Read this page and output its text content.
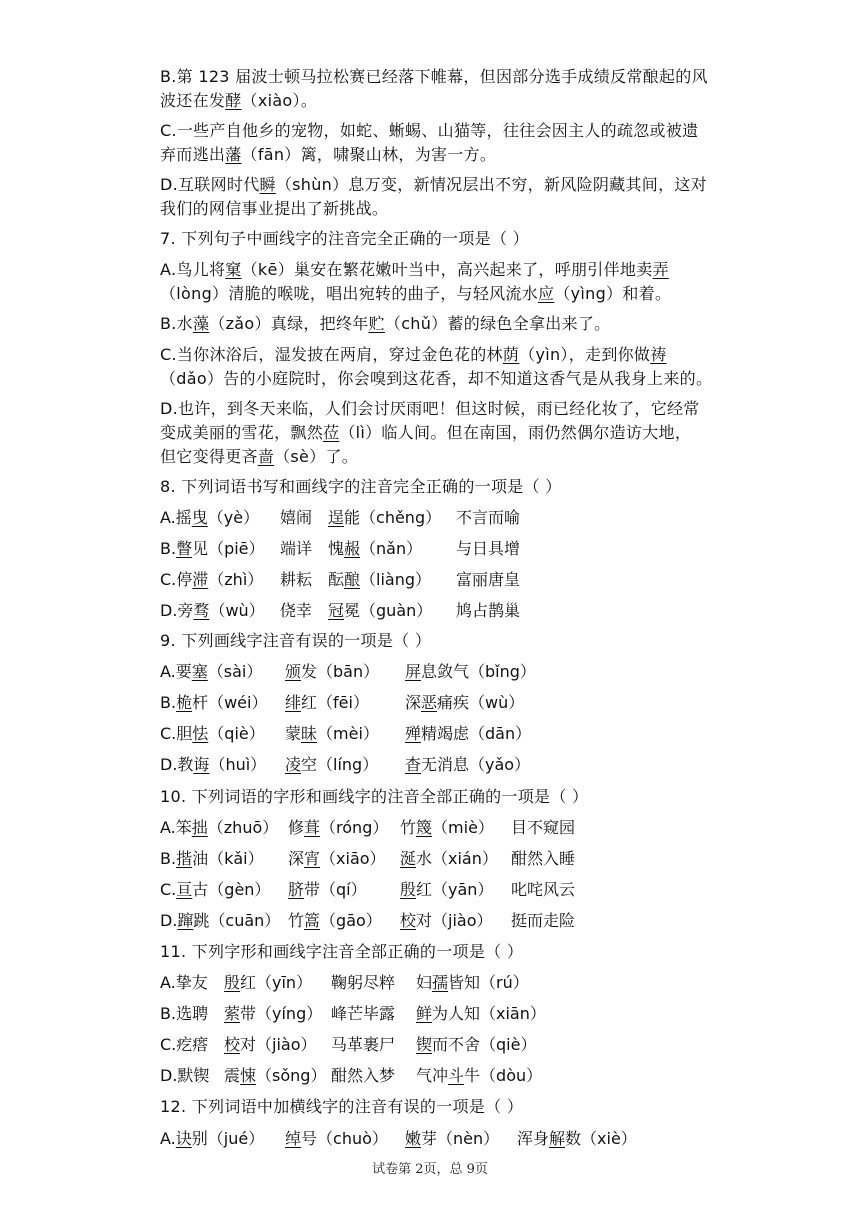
B.第 123 届波士顿马拉松赛已经落下帷幕，但因部分选手成绩反常酿起的风
波还在发酵（xiào）。
C.一些产自他乡的宠物，如蛇、蜥蜴、山猫等，往往会因主人的疏忽或被遗
弃而逃出藩（fān）篱，啸聚山林，为害一方。
D.互联网时代瞬（shùn）息万变，新情况层出不穷，新风险阴藏其间，这对
我们的网信事业提出了新挑战。
7. 下列句子中画线字的注音完全正确的一项是（ ）
A.鸟儿将窠（kē）巢安在繁花嫩叶当中，高兴起来了，呼朋引伴地卖弄
（lòng）清脆的喉咙，唱出宛转的曲子，与轻风流水应（yìng）和着。
B.水藻（zǎo）真绿，把终年贮（chǔ）蓄的绿色全拿出来了。
C.当你沐浴后，湿发披在两肩，穿过金色花的林荫（yìn），走到你做祷
（dǎo）告的小庭院时，你会嗅到这花香，却不知道这香气是从我身上来的。
D.也许，到冬天来临，人们会讨厌雨吧！但这时候，雨已经化妆了，它经常
变成美丽的雪花，飘然莅（lì）临人间。但在南国，雨仍然偶尔造访大地，
但它变得更吝啬（sè）了。
8. 下列词语书写和画线字的注音完全正确的一项是（ ）
A.摇曳（yè） 嬉闹 逞能（chěng） 不言而喻
B.瞥见（piē） 端详 愧赧（nǎn） 与日具增
C.停滞（zhì） 耕耘 酝酿（liàng） 富丽唐皇
D.旁骛（wù） 侥幸 冠冕（guàn） 鸠占鹊巢
9. 下列画线字注音有误的一项是（ ）
A.要塞（sài） 颁发（bān） 屏息敛气（bǐng）
B.桅杆（wéi） 绯红（fēi） 深恶痛疾（wù）
C.胆怯（qiè） 蒙昧（mèi） 殚精竭虑（dān）
D.教诲（huì） 凌空（líng） 杳无消息（yǎo）
10. 下列词语的字形和画线字的注音全部正确的一项是（ ）
A.笨拙（zhuō） 修葺（róng） 竹篾（miè） 目不窥园
B.揩油（kǎi） 深宵（xiāo） 涎水（xián） 酣然入睡
C.亘古（gèn） 脐带（qí） 殷红（yān） 叱咤风云
D.蹿跳（cuān） 竹篙（gāo） 校对（jiào） 挺而走险
11. 下列字形和画线字注音全部正确的一项是（ ）
A.挚友 殷红（yīn） 鞠躬尽粹 妇孺皆知（rú）
B.选聘 萦带（yíng） 峰芒毕露 鲜为人知（xiān）
C.疙瘩 校对（jiào） 马革裹尸 锲而不舍（qiè）
D.默锲 震悚（sǒng） 酣然入梦 气冲斗牛（dòu）
12. 下列词语中加横线字的注音有误的一项是（ ）
A.诀别（jué） 绰号（chuò） 嫩芽（nèn） 浑身解数（xiè）
试卷第 2页，总 9页
